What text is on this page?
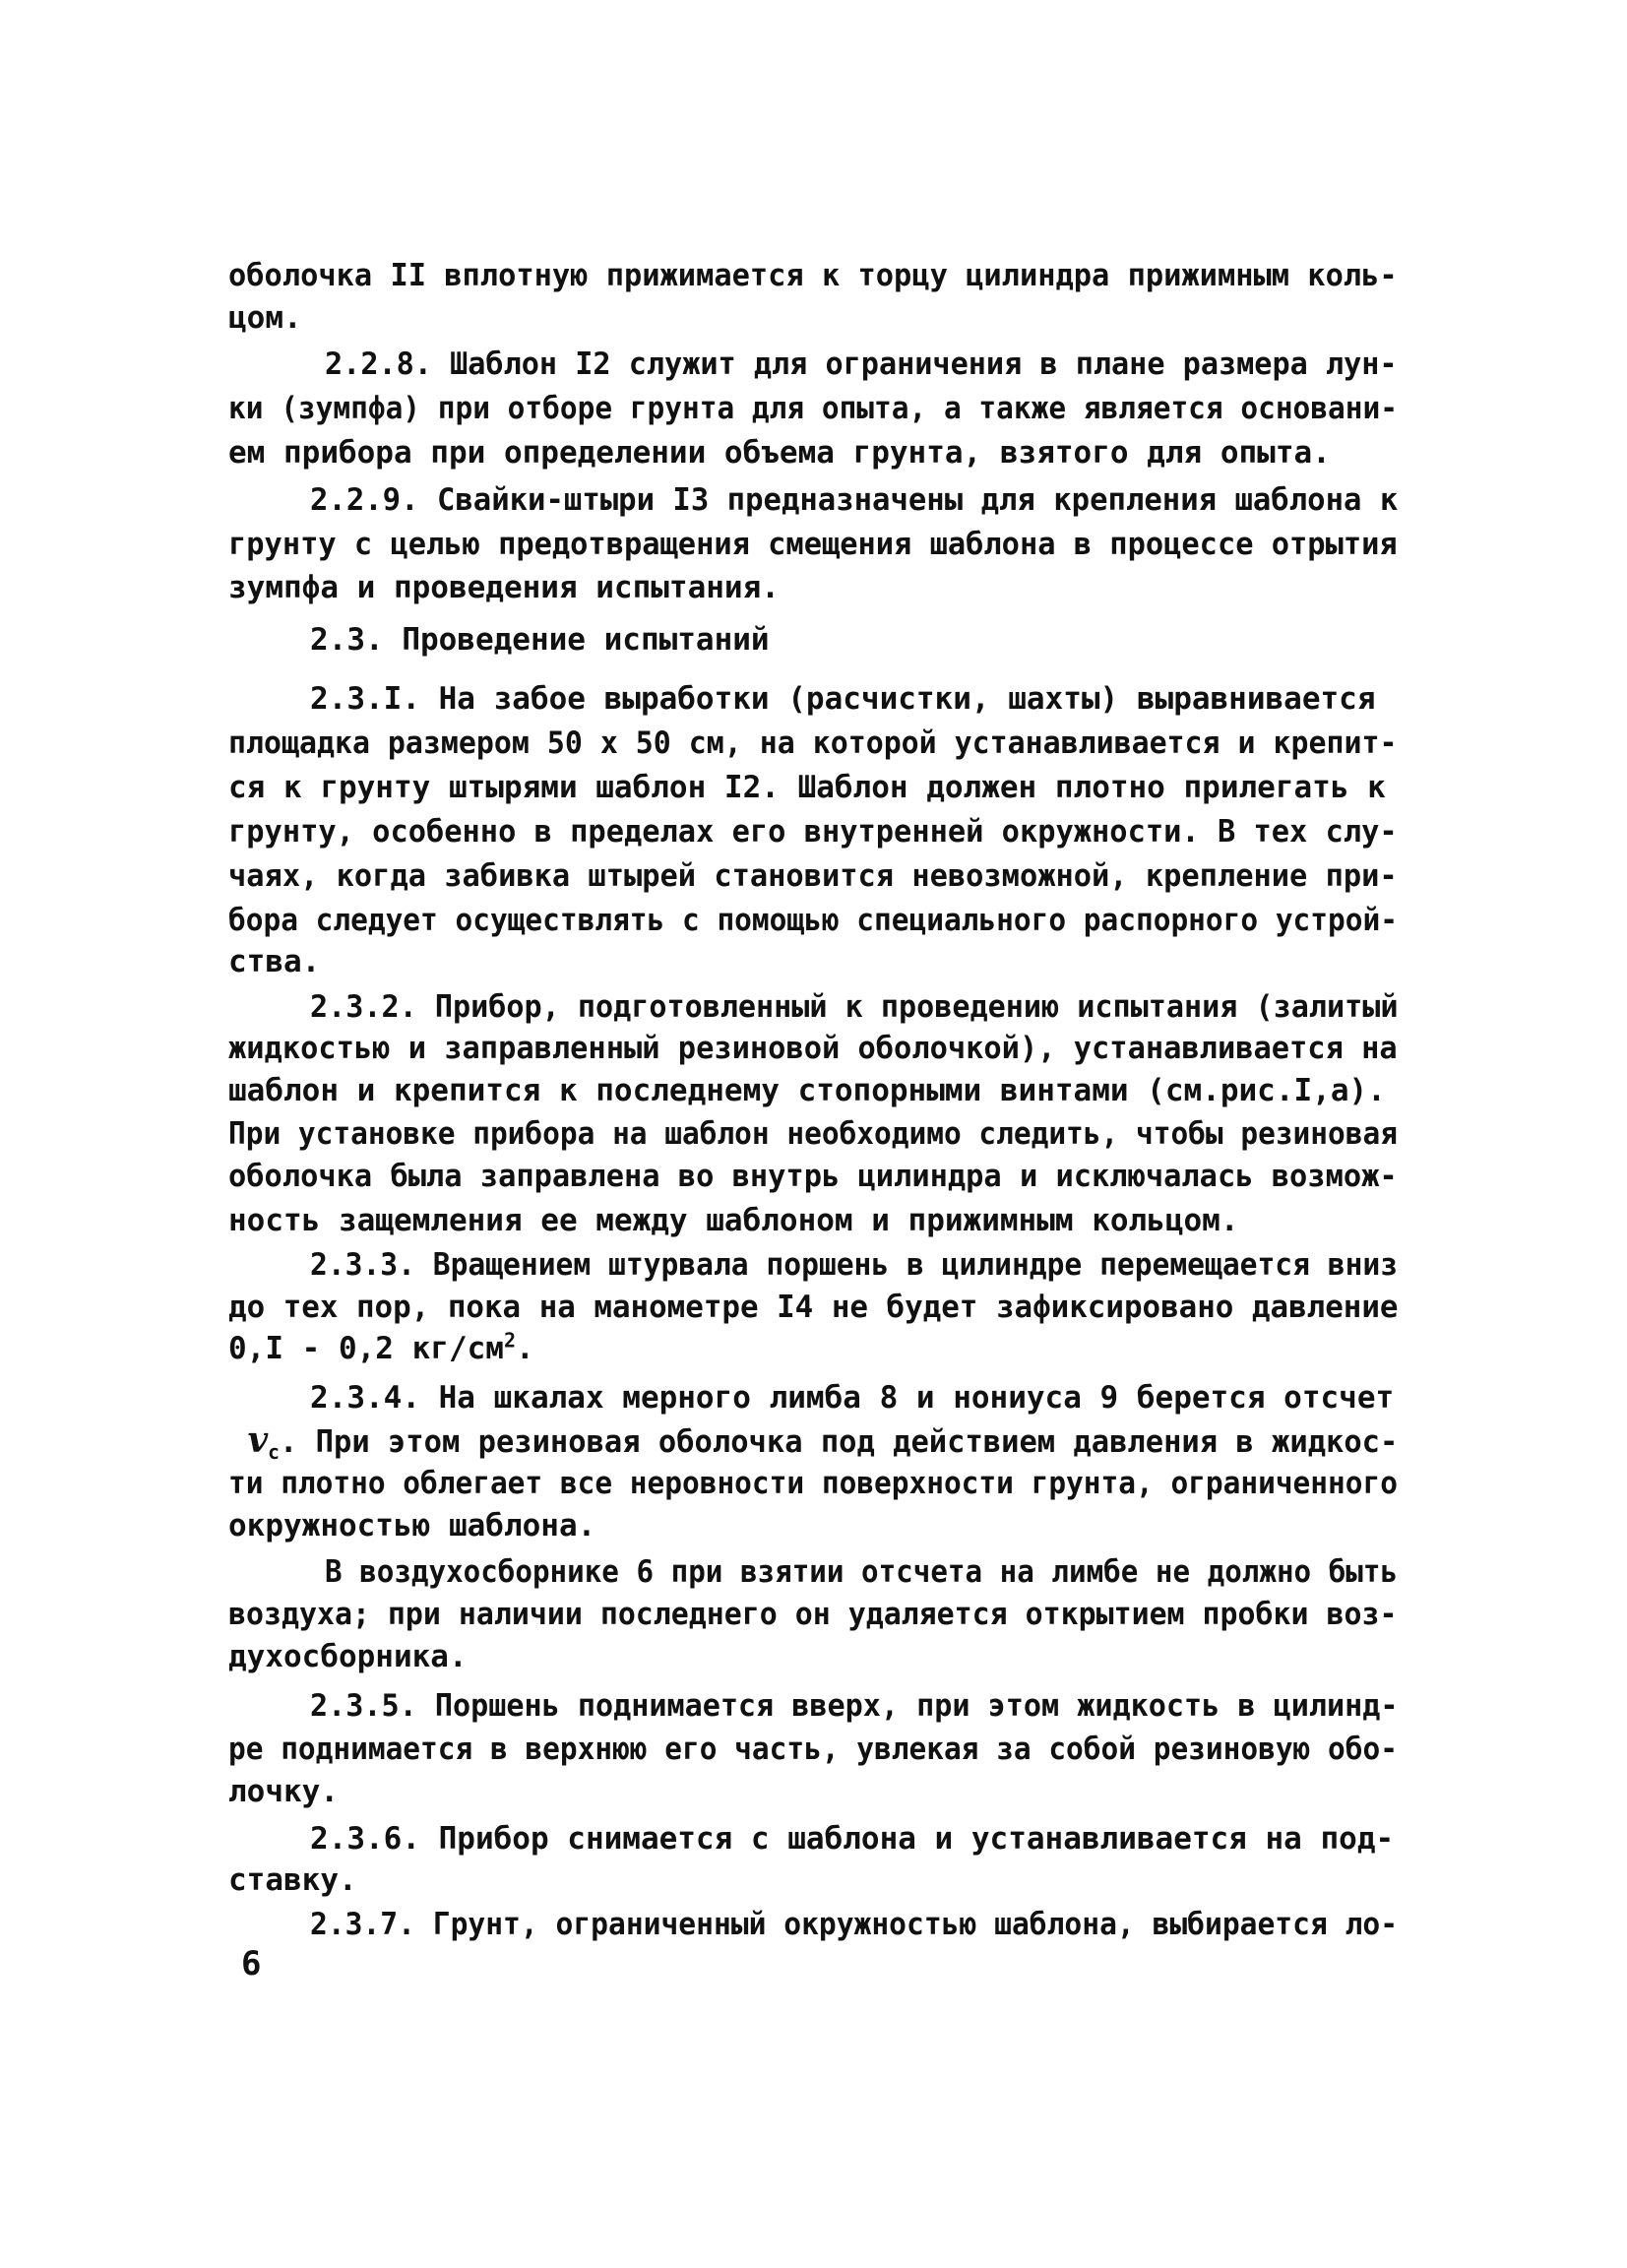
оболочка II вплотную прижимается к торцу цилиндра прижимным коль-
цом.
2.2.8. Шаблон I2 служит для ограничения в плане размера лун-
ки (зумпфа) при отборе грунта для опыта, а также является основани-
ем прибора при определении объема грунта, взятого для опыта.
2.2.9. Свайки-штыри I3 предназначены для крепления шаблона к
грунту с целью предотвращения смещения шаблона в процессе отрытия
зумпфа и проведения испытания.
2.3. Проведение испытаний
2.3.I. На забое выработки (расчистки, шахты) выравнивается
площадка размером 50 х 50 см, на которой устанавливается и крепит-
ся к грунту штырями шаблон I2. Шаблон должен плотно прилегать к
грунту, особенно в пределах его внутренней окружности. В тех слу-
чаях, когда забивка штырей становится невозможной, крепление при-
бора следует осуществлять с помощью специального распорного устрой-
ства.
2.3.2. Прибор, подготовленный к проведению испытания (залитый
жидкостью и заправленный резиновой оболочкой), устанавливается на
шаблон и крепится к последнему стопорными винтами (см.рис.I,а).
При установке прибора на шаблон необходимо следить, чтобы резиновая
оболочка была заправлена во внутрь цилиндра и исключалась возмож-
ность защемления ее между шаблоном и прижимным кольцом.
2.3.3. Вращением штурвала поршень в цилиндре перемещается вниз
до тех пор, пока на манометре I4 не будет зафиксировано давление
0,I - 0,2 $кг/см^2$.
2.3.4. На шкалах мерного лимба 8 и нониуса 9 берется отсчет
$v_c$. При этом резиновая оболочка под действием давления в жидкос-
ти плотно облегает все неровности поверхности грунта, ограниченного
окружностью шаблона.
В воздухосборнике 6 при взятии отсчета на лимбе не должно быть
воздуха; при наличии последнего он удаляется открытием пробки воз-
духосборника.
2.3.5. Поршень поднимается вверх, при этом жидкость в цилинд-
ре поднимается в верхнюю его часть, увлекая за собой резиновую обо-
лочку.
2.3.6. Прибор снимается с шаблона и устанавливается на под-
ставку.
2.3.7. Грунт, ограниченный окружностью шаблона, выбирается ло-
6
